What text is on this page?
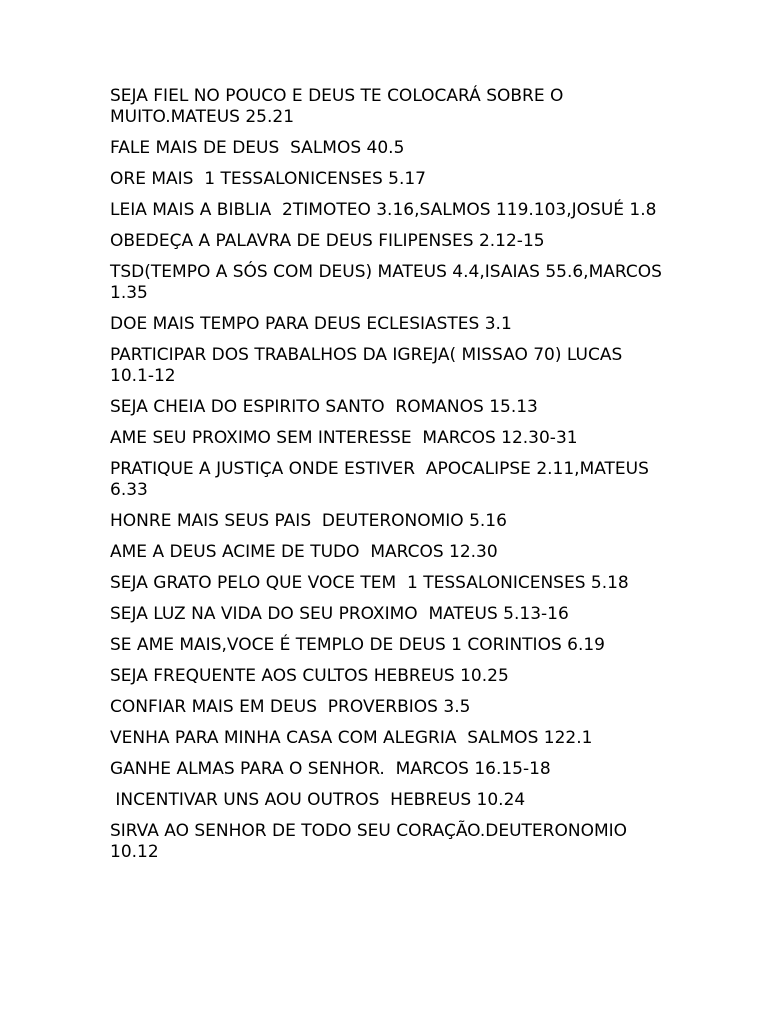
SEJA FIEL NO POUCO E DEUS TE COLOCARÁ SOBRE O MUITO.MATEUS 25.21
FALE MAIS DE DEUS  SALMOS 40.5
ORE MAIS  1 TESSALONICENSES 5.17
LEIA MAIS A BIBLIA  2TIMOTEO 3.16,SALMOS 119.103,JOSUÉ 1.8
OBEDEÇA A PALAVRA DE DEUS FILIPENSES 2.12-15
TSD(TEMPO A SÓS COM DEUS) MATEUS 4.4,ISAIAS 55.6,MARCOS 1.35
DOE MAIS TEMPO PARA DEUS ECLESIASTES 3.1
PARTICIPAR DOS TRABALHOS DA IGREJA( MISSAO 70) LUCAS 10.1-12
SEJA CHEIA DO ESPIRITO SANTO  ROMANOS 15.13
AME SEU PROXIMO SEM INTERESSE  MARCOS 12.30-31
PRATIQUE A JUSTIÇA ONDE ESTIVER  APOCALIPSE 2.11,MATEUS 6.33
HONRE MAIS SEUS PAIS  DEUTERONOMIO 5.16
AME A DEUS ACIME DE TUDO  MARCOS 12.30
SEJA GRATO PELO QUE VOCE TEM  1 TESSALONICENSES 5.18
SEJA LUZ NA VIDA DO SEU PROXIMO  MATEUS 5.13-16
SE AME MAIS,VOCE É TEMPLO DE DEUS 1 CORINTIOS 6.19
SEJA FREQUENTE AOS CULTOS HEBREUS 10.25
CONFIAR MAIS EM DEUS  PROVERBIOS 3.5
VENHA PARA MINHA CASA COM ALEGRIA  SALMOS 122.1
GANHE ALMAS PARA O SENHOR.  MARCOS 16.15-18
INCENTIVAR UNS AOU OUTROS  HEBREUS 10.24
SIRVA AO SENHOR DE TODO SEU CORAÇÃO.DEUTERONOMIO 10.12
